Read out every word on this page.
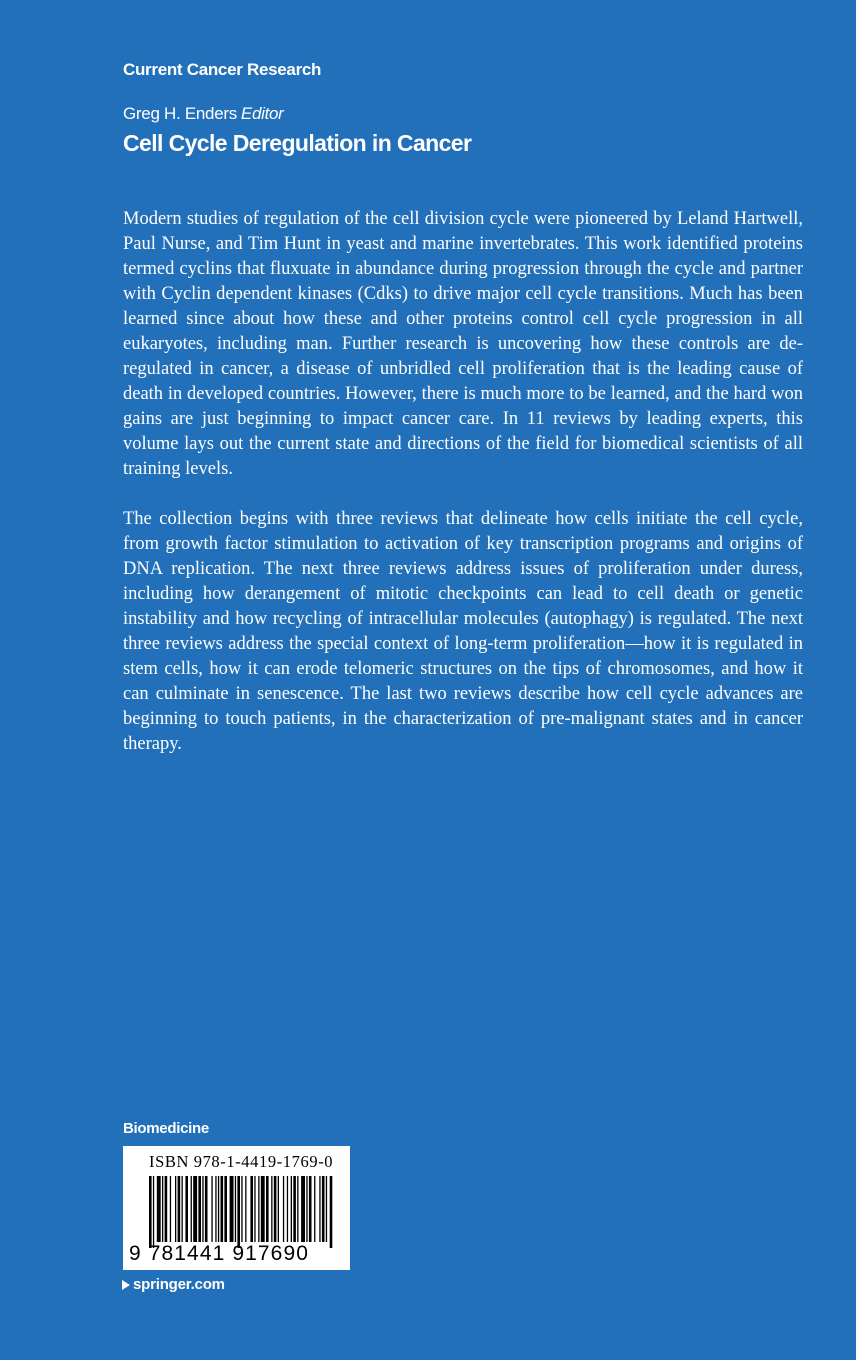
Current Cancer Research
Greg H. Enders Editor
Cell Cycle Deregulation in Cancer

Modern studies of regulation of the cell division cycle were pioneered by Leland Hartwell, Paul Nurse, and Tim Hunt in yeast and marine invertebrates. This work identified proteins termed cyclins that fluxuate in abundance during progression through the cycle and partner with Cyclin dependent kinases (Cdks) to drive major cell cycle transitions. Much has been learned since about how these and other proteins control cell cycle progression in all eukaryotes, including man. Further research is uncovering how these controls are de-regulated in cancer, a disease of unbridled cell proliferation that is the leading cause of death in developed countries. However, there is much more to be learned, and the hard won gains are just beginning to impact cancer care. In 11 reviews by leading experts, this volume lays out the current state and directions of the field for biomedical scientists of all training levels.

The collection begins with three reviews that delineate how cells initiate the cell cycle, from growth factor stimulation to activation of key transcription programs and origins of DNA replication. The next three reviews address issues of proliferation under duress, including how derangement of mitotic checkpoints can lead to cell death or genetic instability and how recycling of intracellular molecules (autophagy) is regulated. The next three reviews address the special context of long-term proliferation—how it is regulated in stem cells, how it can erode telomeric structures on the tips of chromosomes, and how it can culminate in senescence. The last two reviews describe how cell cycle advances are beginning to touch patients, in the characterization of pre-malignant states and in cancer therapy.

Biomedicine
ISBN 978-1-4419-1769-0
9 781441 917690
springer.com
